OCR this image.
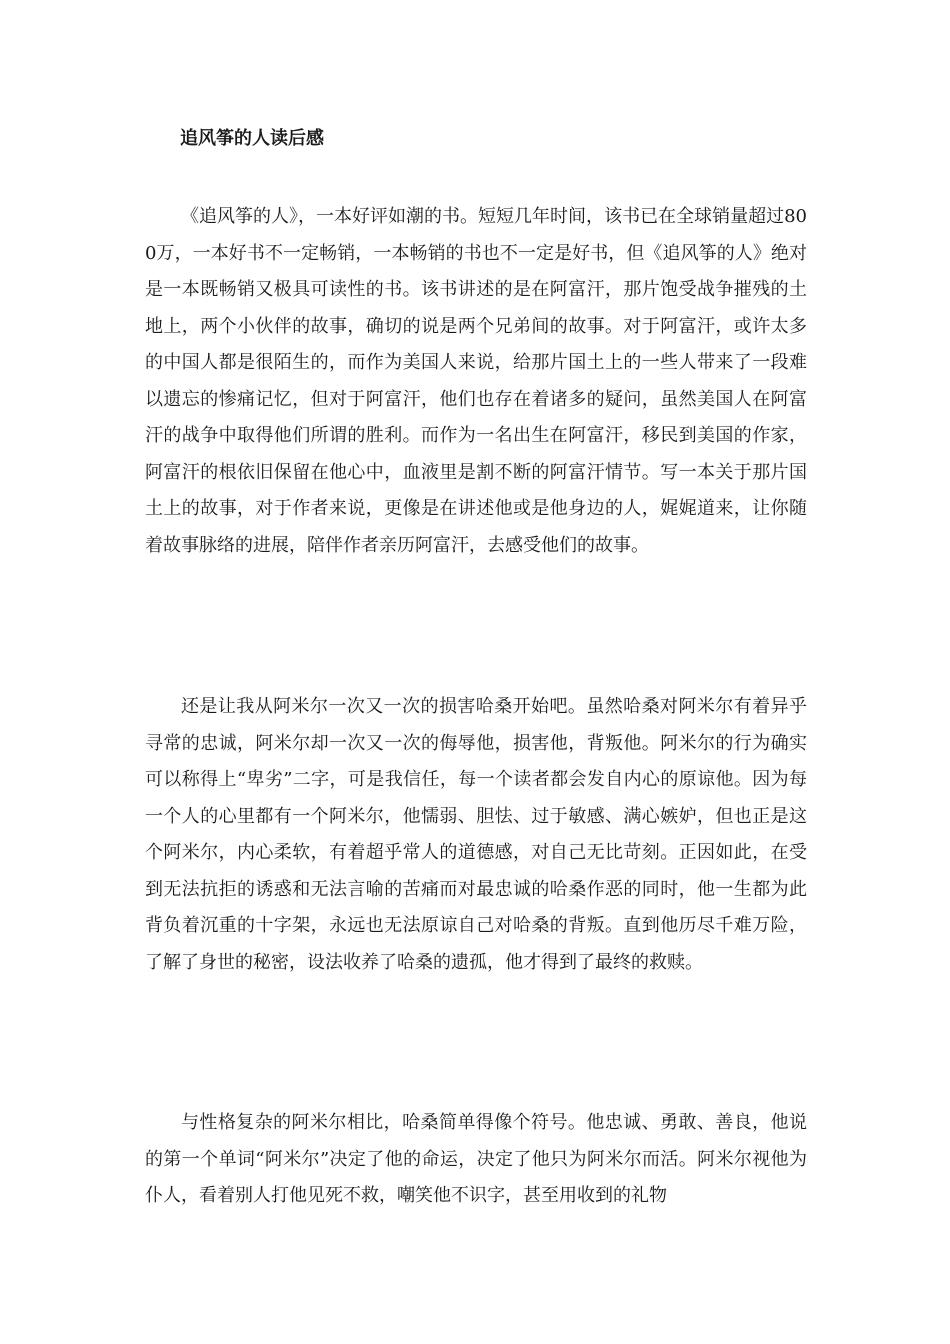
追风筝的人读后感

《追风筝的人》，一本好评如潮的书。短短几年时间，该书已在全球销量超过800万，一本好书不一定畅销，一本畅销的书也不一定是好书，但《追风筝的人》绝对是一本既畅销又极具可读性的书。该书讲述的是在阿富汗，那片饱受战争摧残的土地上，两个小伙伴的故事，确切的说是两个兄弟间的故事。对于阿富汗，或许太多的中国人都是很陌生的，而作为美国人来说，给那片国土上的一些人带来了一段难以遗忘的惨痛记忆，但对于阿富汗，他们也存在着诸多的疑问，虽然美国人在阿富汗的战争中取得他们所谓的胜利。而作为一名出生在阿富汗，移民到美国的作家，阿富汗的根依旧保留在他心中，血液里是割不断的阿富汗情节。写一本关于那片国土上的故事，对于作者来说，更像是在讲述他或是他身边的人，娓娓道来，让你随着故事脉络的进展，陪伴作者亲历阿富汗，去感受他们的故事。

还是让我从阿米尔一次又一次的损害哈桑开始吧。虽然哈桑对阿米尔有着异乎寻常的忠诚，阿米尔却一次又一次的侮辱他，损害他，背叛他。阿米尔的行为确实可以称得上“卑劣”二字，可是我信任，每一个读者都会发自内心的原谅他。因为每一个人的心里都有一个阿米尔，他懦弱、胆怯、过于敏感、满心嫉妒，但也正是这个阿米尔，内心柔软，有着超乎常人的道德感，对自己无比苛刻。正因如此，在受到无法抗拒的诱惑和无法言喻的苦痛而对最忠诚的哈桑作恶的同时，他一生都为此背负着沉重的十字架，永远也无法原谅自己对哈桑的背叛。直到他历尽千难万险，了解了身世的秘密，设法收养了哈桑的遗孤，他才得到了最终的救赎。

与性格复杂的阿米尔相比，哈桑简单得像个符号。他忠诚、勇敢、善良，他说的第一个单词“阿米尔”决定了他的命运，决定了他只为阿米尔而活。阿米尔视他为仆人，看着别人打他见死不救，嘲笑他不识字，甚至用收到的礼物
